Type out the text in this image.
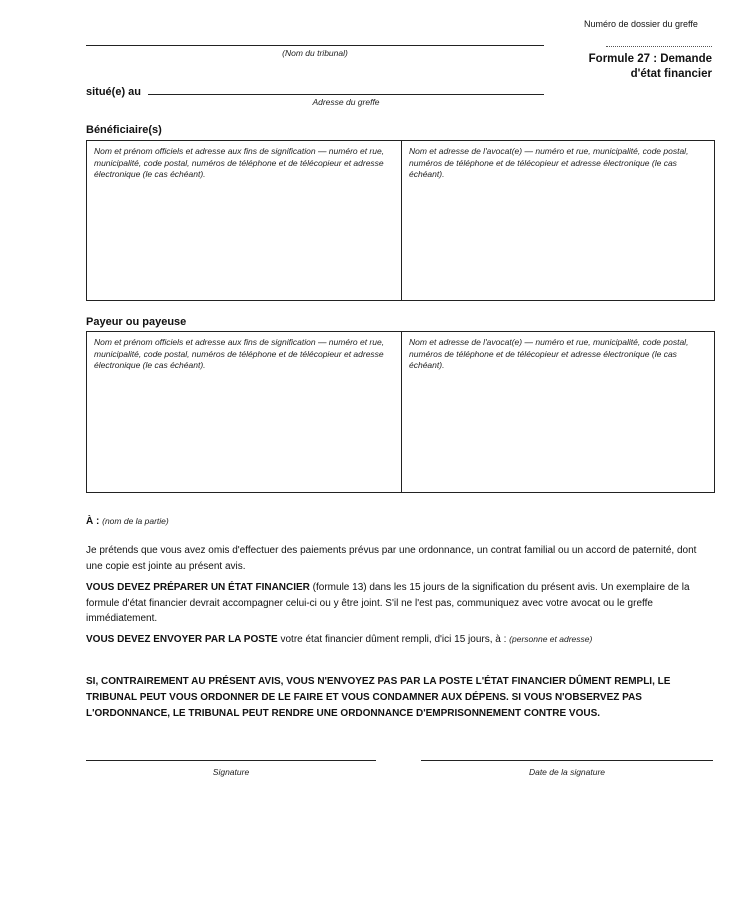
Numéro de dossier du greffe
Formule 27 : Demande
d'état financier
(Nom du tribunal)
situé(e) au
Adresse du greffe
Bénéficiaire(s)
Nom et prénom officiels et adresse aux fins de signification — numéro et rue, municipalité, code postal, numéros de téléphone et de télécopieur et adresse électronique (le cas échéant).
Nom et adresse de l'avocat(e) — numéro et rue, municipalité, code postal, numéros de téléphone et de télécopieur et adresse électronique (le cas échéant).
Payeur ou payeuse
Nom et prénom officiels et adresse aux fins de signification — numéro et rue, municipalité, code postal, numéros de téléphone et de télécopieur et adresse électronique (le cas échéant).
Nom et adresse de l'avocat(e) — numéro et rue, municipalité, code postal, numéros de téléphone et de télécopieur et adresse électronique (le cas échéant).
À : (nom de la partie)
Je prétends que vous avez omis d'effectuer des paiements prévus par une ordonnance, un contrat familial ou un accord de paternité, dont une copie est jointe au présent avis.
VOUS DEVEZ PRÉPARER UN ÉTAT FINANCIER (formule 13) dans les 15 jours de la signification du présent avis. Un exemplaire de la formule d'état financier devrait accompagner celui-ci ou y être joint. S'il ne l'est pas, communiquez avec votre avocat ou le greffe immédiatement.
VOUS DEVEZ ENVOYER PAR LA POSTE votre état financier dûment rempli, d'ici 15 jours, à : (personne et adresse)
SI, CONTRAIREMENT AU PRÉSENT AVIS, VOUS N'ENVOYEZ PAS PAR LA POSTE L'ÉTAT FINANCIER DÛMENT REMPLI, LE TRIBUNAL PEUT VOUS ORDONNER DE LE FAIRE ET VOUS CONDAMNER AUX DÉPENS. SI VOUS N'OBSERVEZ PAS L'ORDONNANCE, LE TRIBUNAL PEUT RENDRE UNE ORDONNANCE D'EMPRISONNEMENT CONTRE VOUS.
Signature	Date de la signature
